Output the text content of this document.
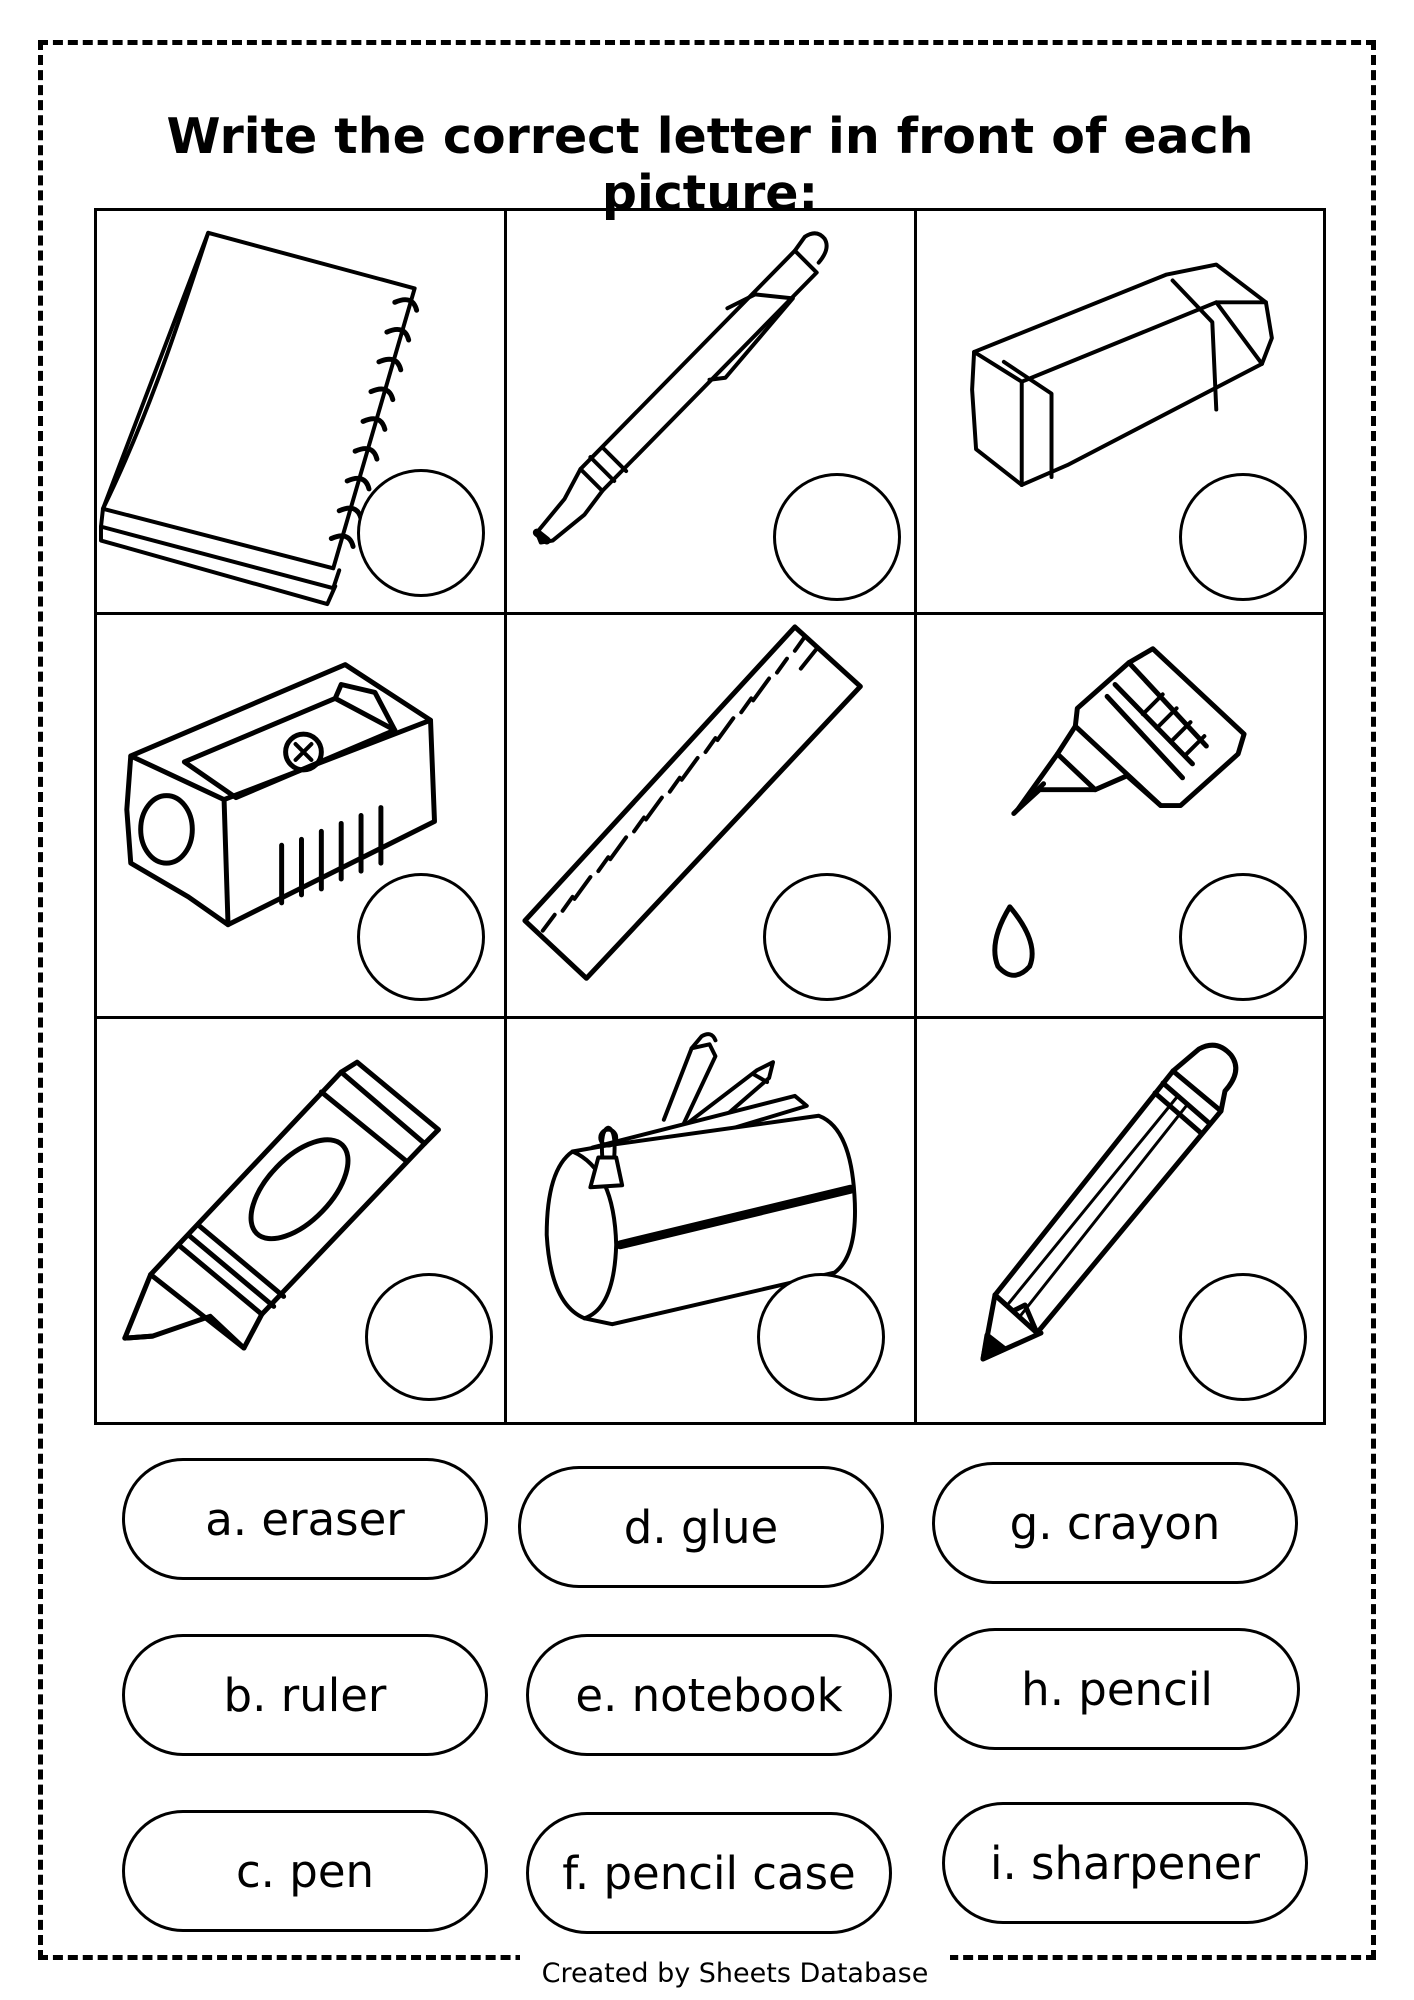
Write the correct letter in front of each picture:
a. eraser	d. glue	g. crayon
b. ruler	e. notebook	h. pencil
c. pen	f. pencil case	i. sharpener
Created by Sheets Database
